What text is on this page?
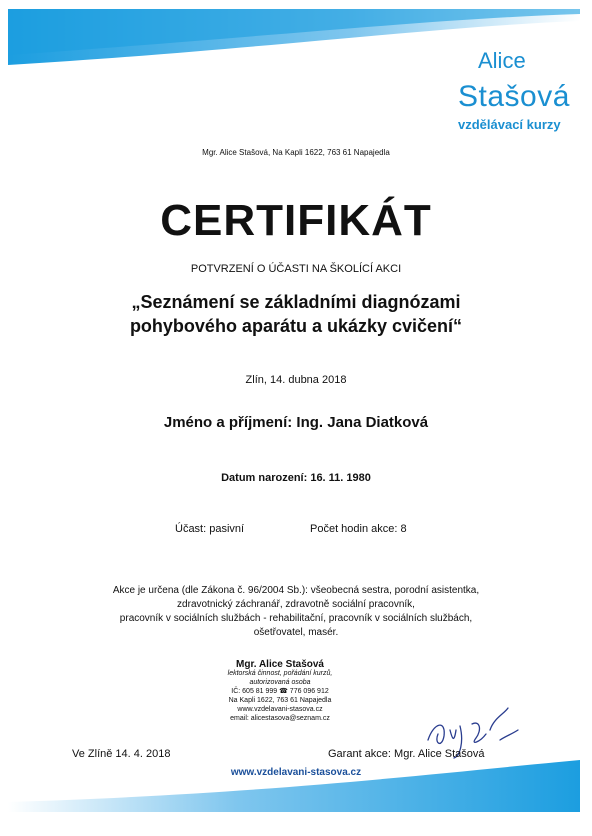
Alice
Stašová
vzdělávací kurzy
Mgr. Alice Stašová, Na Kapli 1622, 763 61 Napajedla
CERTIFIKÁT
POTVRZENÍ O ÚČASTI NA ŠKOLÍCÍ AKCI
„Seznámení se základními diagnózami
pohybového aparátu a ukázky cvičení“
Zlín, 14. dubna 2018
Jméno a příjmení: Ing. Jana Diatková
Datum narození: 16. 11. 1980
Účast: pasivní	Počet hodin akce: 8
Akce je určena (dle Zákona č. 96/2004 Sb.): všeobecná sestra, porodní asistentka,
zdravotnický záchranář, zdravotně sociální pracovník,
pracovník v sociálních službách - rehabilitační, pracovník v sociálních službách,
ošetřovatel, masér.
Mgr. Alice Stašová
lektorská činnost, pořádání kurzů,
autorizovaná osoba
IČ: 605 81 999 ☎ 776 096 912
Na Kapli 1622, 763 61 Napajedla
www.vzdelavani-stasova.cz
email: alicestasova@seznam.cz
Ve Zlíně 14. 4. 2018	Garant akce: Mgr. Alice Stašová
www.vzdelavani-stasova.cz
